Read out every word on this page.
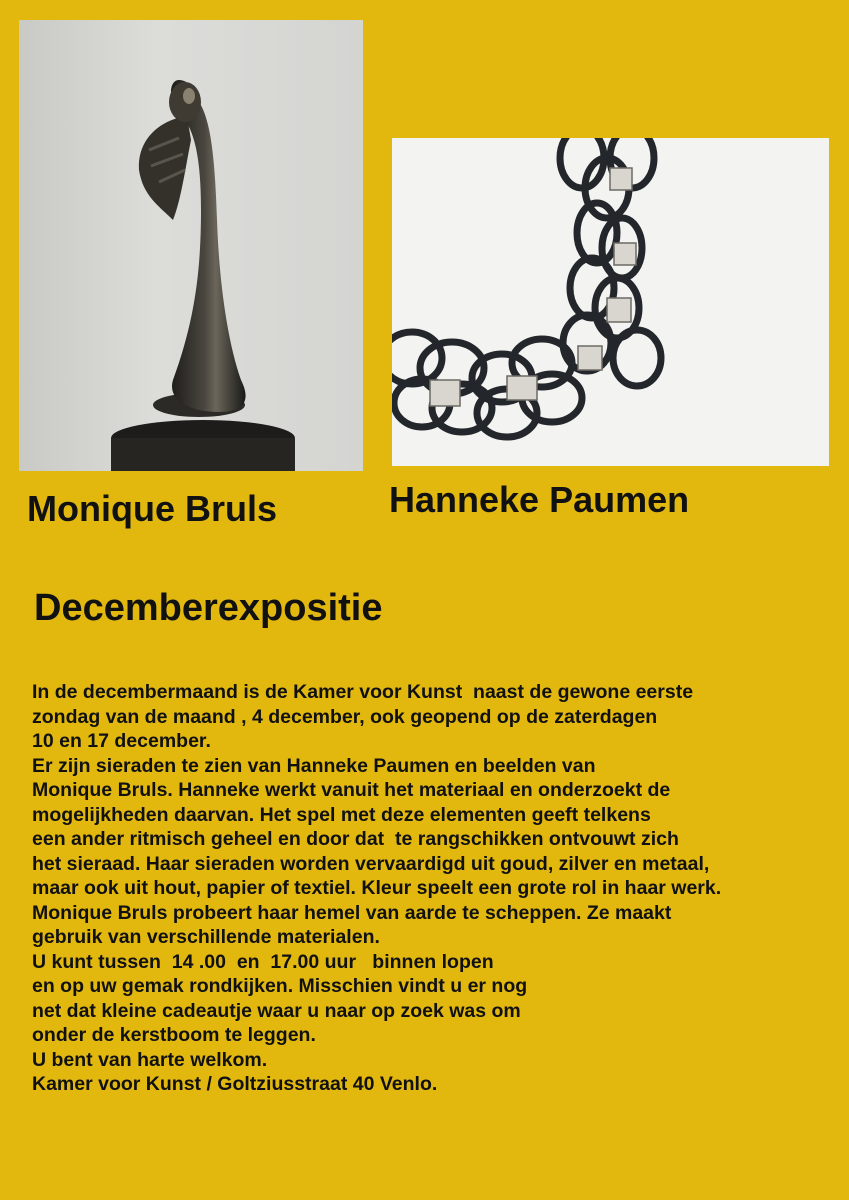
Monique Bruls	Hanneke Paumen
Decemberexpositie
In de decembermaand is de Kamer voor Kunst  naast de gewone eerste
zondag van de maand , 4 december, ook geopend op de zaterdagen
10 en 17 december.
Er zijn sieraden te zien van Hanneke Paumen en beelden van
Monique Bruls. Hanneke werkt vanuit het materiaal en onderzoekt de
mogelijkheden daarvan. Het spel met deze elementen geeft telkens
een ander ritmisch geheel en door dat  te rangschikken ontvouwt zich
het sieraad. Haar sieraden worden vervaardigd uit goud, zilver en metaal,
maar ook uit hout, papier of textiel. Kleur speelt een grote rol in haar werk.
Monique Bruls probeert haar hemel van aarde te scheppen. Ze maakt
gebruik van verschillende materialen.
U kunt tussen  14 .00  en  17.00 uur   binnen lopen
en op uw gemak rondkijken. Misschien vindt u er nog
net dat kleine cadeautje waar u naar op zoek was om
onder de kerstboom te leggen.
U bent van harte welkom.
Kamer voor Kunst / Goltziusstraat 40 Venlo.
